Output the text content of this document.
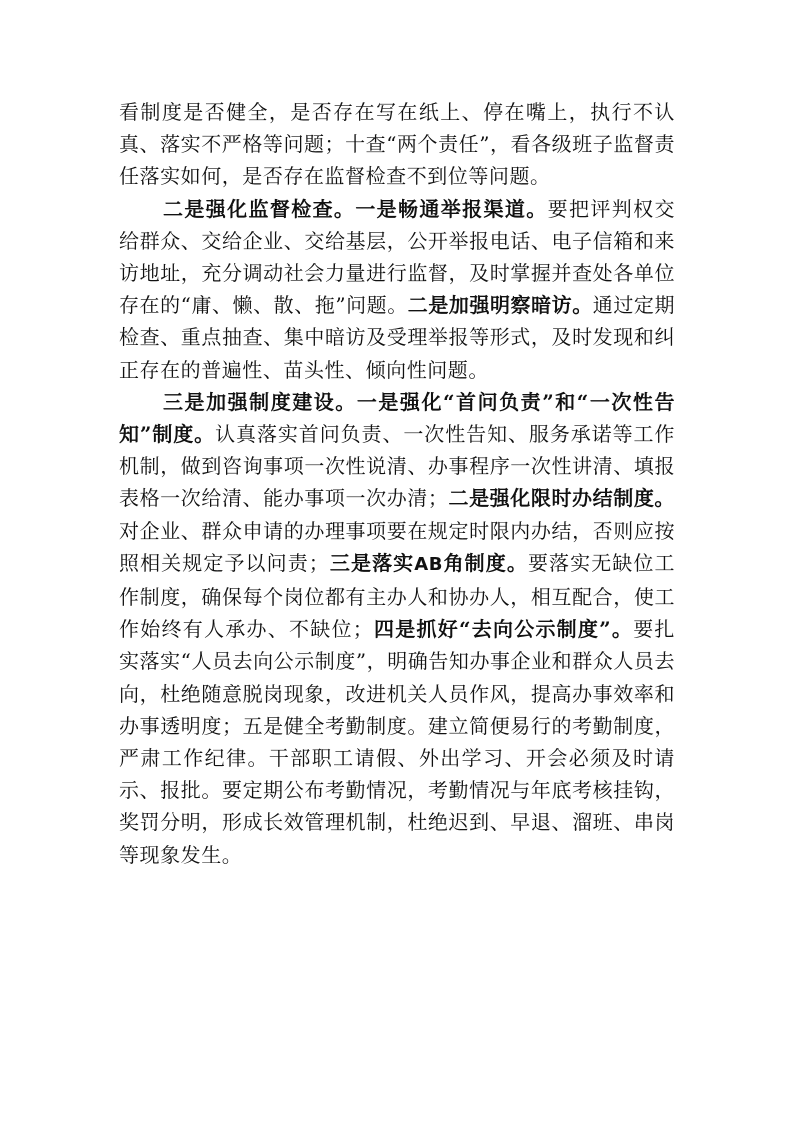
看制度是否健全，是否存在写在纸上、停在嘴上，执行不认真、落实不严格等问题；十查“两个责任”，看各级班子监督责任落实如何，是否存在监督检查不到位等问题。

二是强化监督检查。一是畅通举报渠道。要把评判权交给群众、交给企业、交给基层，公开举报电话、电子信箱和来访地址，充分调动社会力量进行监督，及时掌握并查处各单位存在的“庸、懒、散、拖”问题。二是加强明察暗访。通过定期检查、重点抽查、集中暗访及受理举报等形式，及时发现和纠正存在的普遍性、苗头性、倾向性问题。

三是加强制度建设。一是强化“首问负责”和“一次性告知”制度。认真落实首问负责、一次性告知、服务承诺等工作机制，做到咨询事项一次性说清、办事程序一次性讲清、填报表格一次给清、能办事项一次办清；二是强化限时办结制度。对企业、群众申请的办理事项要在规定时限内办结，否则应按照相关规定予以问责；三是落实AB角制度。要落实无缺位工作制度，确保每个岗位都有主办人和协办人，相互配合，使工作始终有人承办、不缺位；四是抓好“去向公示制度”。要扎实落实“人员去向公示制度”，明确告知办事企业和群众人员去向，杜绝随意脱岗现象，改进机关人员作风，提高办事效率和办事透明度；五是健全考勤制度。建立简便易行的考勤制度，严肃工作纪律。干部职工请假、外出学习、开会必须及时请示、报批。要定期公布考勤情况，考勤情况与年底考核挂钩，奖罚分明，形成长效管理机制，杜绝迟到、早退、溜班、串岗等现象发生。
